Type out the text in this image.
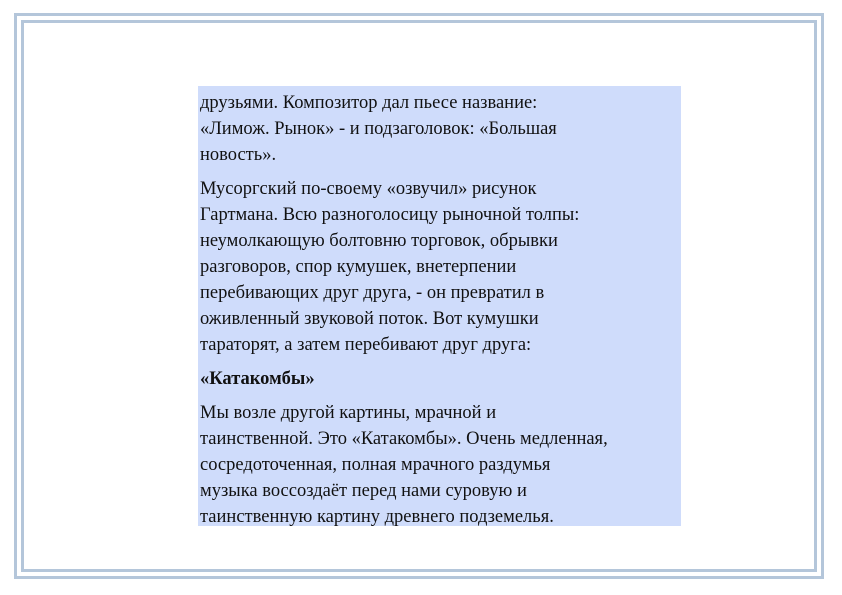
друзьями. Композитор дал пьесе название:
«Лимож. Рынок» - и подзаголовок: «Большая
новость».

Мусоргский по-своему «озвучил» рисунок
Гартмана. Всю разноголосицу рыночной толпы:
неумолкающую болтовню торговок, обрывки
разговоров, спор кумушек, внетерпении
перебивающих друг друга, - он превратил в
оживленный звуковой поток. Вот кумушки
тараторят, а затем перебивают друг друга:

«Катакомбы»

Мы возле другой картины, мрачной и
таинственной. Это «Катакомбы». Очень медленная,
сосредоточенная, полная мрачного раздумья
музыка воссоздаёт перед нами суровую и
таинственную картину древнего подземелья.
